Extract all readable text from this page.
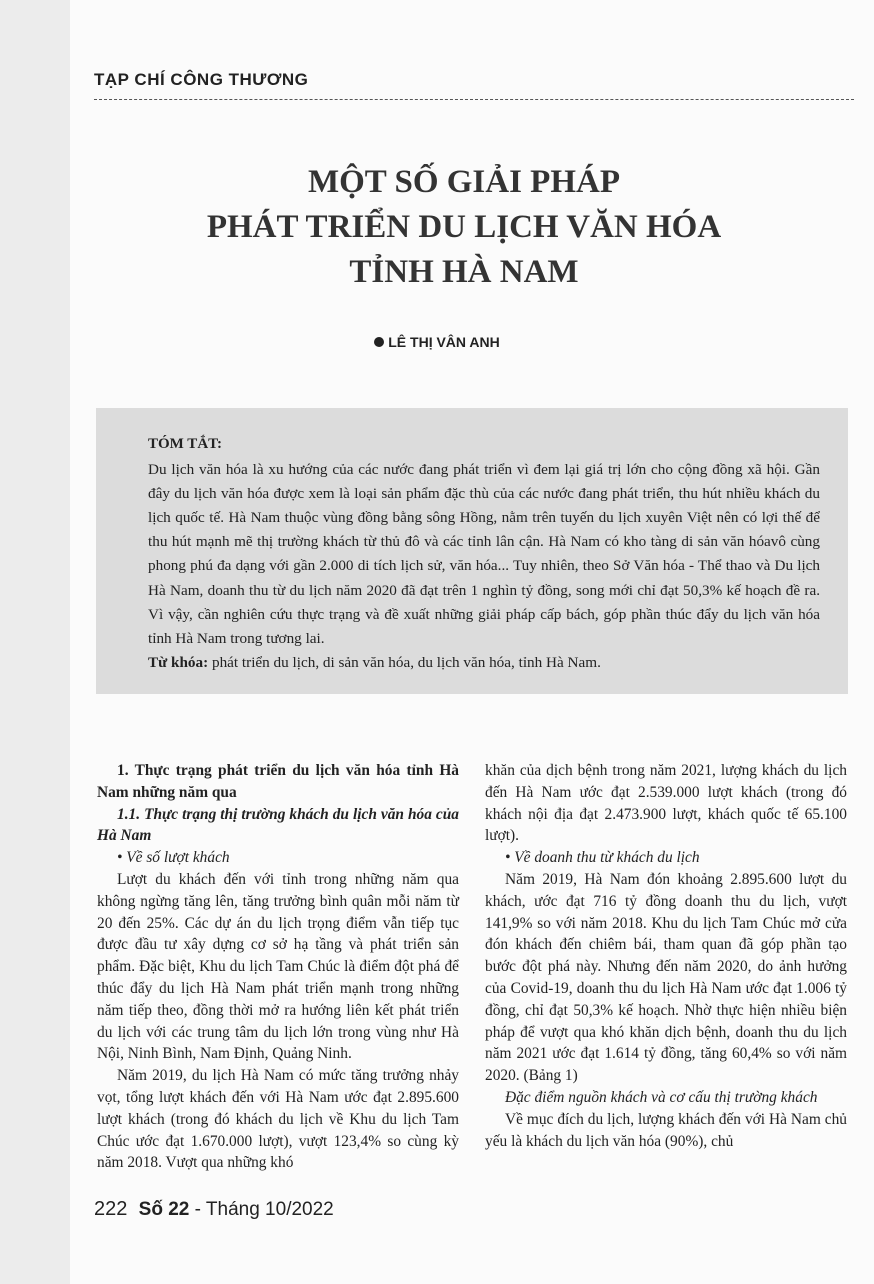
TẠP CHÍ CÔNG THƯƠNG
MỘT SỐ GIẢI PHÁP
PHÁT TRIỂN DU LỊCH VĂN HÓA
TỈNH HÀ NAM
LÊ THỊ VÂN ANH
TÓM TẮT:
Du lịch văn hóa là xu hướng của các nước đang phát triển vì đem lại giá trị lớn cho cộng đồng xã hội. Gần đây du lịch văn hóa được xem là loại sản phẩm đặc thù của các nước đang phát triển, thu hút nhiều khách du lịch quốc tế. Hà Nam thuộc vùng đồng bằng sông Hồng, nằm trên tuyến du lịch xuyên Việt nên có lợi thế để thu hút mạnh mẽ thị trường khách từ thủ đô và các tỉnh lân cận. Hà Nam có kho tàng di sản văn hóavô cùng phong phú đa dạng với gần 2.000 di tích lịch sử, văn hóa... Tuy nhiên, theo Sở Văn hóa - Thể thao và Du lịch Hà Nam, doanh thu từ du lịch năm 2020 đã đạt trên 1 nghìn tỷ đồng, song mới chỉ đạt 50,3% kế hoạch đề ra. Vì vậy, cần nghiên cứu thực trạng và đề xuất những giải pháp cấp bách, góp phần thúc đẩy du lịch văn hóa tỉnh Hà Nam trong tương lai.
Từ khóa: phát triển du lịch, di sản văn hóa, du lịch văn hóa, tỉnh Hà Nam.

1. Thực trạng phát triển du lịch văn hóa tỉnh Hà Nam những năm qua

1.1. Thực trạng thị trường khách du lịch văn hóa của Hà Nam

• Về số lượt khách

Lượt du khách đến với tỉnh trong những năm qua không ngừng tăng lên, tăng trưởng bình quân mỗi năm từ 20 đến 25%. Các dự án du lịch trọng điểm vẫn tiếp tục được đầu tư xây dựng cơ sở hạ tầng và phát triển sản phẩm. Đặc biệt, Khu du lịch Tam Chúc là điểm đột phá để thúc đẩy du lịch Hà Nam phát triển mạnh trong những năm tiếp theo, đồng thời mở ra hướng liên kết phát triển du lịch với các trung tâm du lịch lớn trong vùng như Hà Nội, Ninh Bình, Nam Định, Quảng Ninh.

Năm 2019, du lịch Hà Nam có mức tăng trưởng nhảy vọt, tổng lượt khách đến với Hà Nam ước đạt 2.895.600 lượt khách (trong đó khách du lịch về Khu du lịch Tam Chúc ước đạt 1.670.000 lượt), vượt 123,4% so cùng kỳ năm 2018. Vượt qua những khó

khăn của dịch bệnh trong năm 2021, lượng khách du lịch đến Hà Nam ước đạt 2.539.000 lượt khách (trong đó khách nội địa đạt 2.473.900 lượt, khách quốc tế 65.100 lượt).

• Về doanh thu từ khách du lịch

Năm 2019, Hà Nam đón khoảng 2.895.600 lượt du khách, ước đạt 716 tỷ đồng doanh thu du lịch, vượt 141,9% so với năm 2018. Khu du lịch Tam Chúc mở cửa đón khách đến chiêm bái, tham quan đã góp phần tạo bước đột phá này. Nhưng đến năm 2020, do ảnh hưởng của Covid-19, doanh thu du lịch Hà Nam ước đạt 1.006 tỷ đồng, chỉ đạt 50,3% kế hoạch. Nhờ thực hiện nhiều biện pháp để vượt qua khó khăn dịch bệnh, doanh thu du lịch năm 2021 ước đạt 1.614 tỷ đồng, tăng 60,4% so với năm 2020. (Bảng 1)

Đặc điểm nguồn khách và cơ cấu thị trường khách

Về mục đích du lịch, lượng khách đến với Hà Nam chủ yếu là khách du lịch văn hóa (90%), chủ

222 Số 22 - Tháng 10/2022
